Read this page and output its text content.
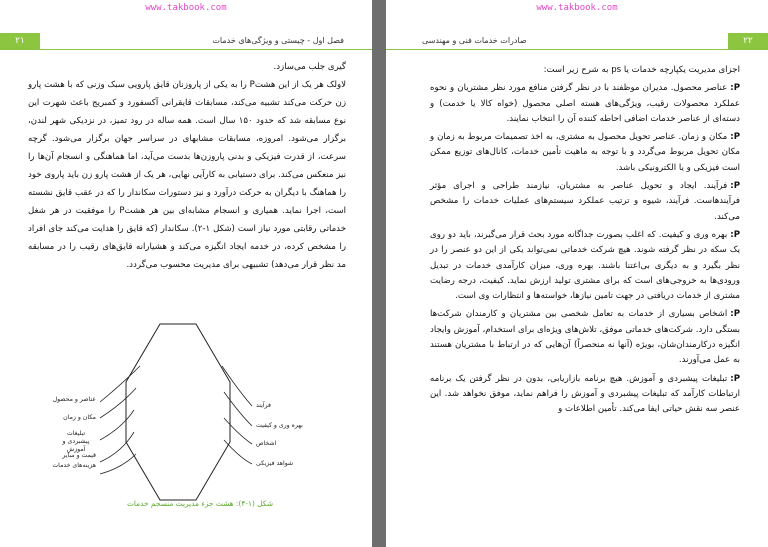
www.takbook.com
۲۱	فصل اول - چیستی و ویژگی‌های خدمات

گیری جلب می‌سازد.

لاولک هر یک از این هشت‌P را به یکی از پاروزنان قایق پارویی سبک وزنی که با هشت پارو زن حرکت می‌کند تشبیه می‌کند، مسابقات قایقرانی آکسفورد و کمبریج باعث شهرت این نوع مسابقه شد که حدود ۱۵۰ سال است. همه ساله در رود تمیز، در نزدیکی شهر لندن، برگزار می‌شود. امروزه، مسابقات مشابهای در سراسر جهان برگزار می‌شود. گرچه سرعت، از قدرت فیزیکی و بدنی پاروزن‌ها بدست می‌آید، اما هماهنگی و انسجام آن‌ها را نیز منعکس می‌کند. برای دستیابی به کارآیی نهایی، هر یک از هشت پارو زن باید پاروی خود را هماهنگ با دیگران به حرکت درآورد و نیز دستورات سکاندار را که در عقب قایق نشسته است، اجرا نماید. همیاری و انسجام مشابه‌ای بین هر هشت‌P را موفقیت در هر شغل خدماتی رقابتی مورد نیاز است (شکل ۱-۲). سکاندار (که قایق را هدایت می‌کند جای افراد را مشخص کرده، در خدمه ایجاد انگیزه می‌کند و هشیارانه قایق‌های رقیب را در مسابقه مد نظر قرار می‌دهد) تشبیهی برای مدیریت محسوب می‌گردد.

عناصر و محصول
مکان و زمان
تبلیغات پیشبردی و آموزش
قیمت و سایر
هزینه‌های خدمات
فرآیند
بهره وری و کیفیت
اشخاص
شواهد فیزیکی
شکل (۱-۴): هشت جزء مدیریت منسجم خدمات
www.takbook.com
۲۲
صادرات خدمات فنی و مهندسی

اجزای مدیریت یکپارچه خدمات یا ps به شرح زیر است:

P:عناصر محصول. مدیران موظفند با در نظر گرفتن منافع مورد نظر مشتریان و نحوه عملکرد محصولات رقیب، ویژگی‌های هسته اصلی محصول (خواه کالا یا خدمت) و دسته‌ای از عناصر خدمات اضافی احاطه کننده آن را انتخاب نمایند.

P:مکان و زمان. عناصر تحویل محصول به مشتری، به اخذ تصمیمات مربوط به زمان و مکان تحویل مربوط می‌گردد و با توجه به ماهیت تأمین خدمات، کانال‌های توزیع ممکن است فیزیکی و یا الکترونیکی باشد.

P:فرآیند. ایجاد و تحویل عناصر به مشتریان، نیازمند طراحی و اجرای مؤثر فرآیندهاست. فرآیند، شیوه و ترتیب عملکرد سیستم‌های عملیات خدمات را مشخص می‌کند.

P:بهره وری و کیفیت. که اغلب بصورت جداگانه مورد بحث قرار می‌گیرند، باید دو روی یک سکه در نظر گرفته شوند. هیچ شرکت خدماتی نمی‌تواند یکی از این دو عنصر را در نظر بگیرد و به دیگری بی‌اعتنا باشند. بهره وری، میزان کارآمدی خدمات در تبدیل ورودی‌ها به خروجی‌های است که برای مشتری تولید ارزش نماید. کیفیت، درجه رضایت مشتری از خدمات دریافتی در جهت تامین نیازها، خواسته‌ها و انتظارات وی است.

P:اشخاص بسیاری از خدمات به تعامل شخصی بین مشتریان و کارمندان شرکت‌ها بستگی دارد. شرکت‌های خدماتی موفق، تلاش‌های ویژه‌ای برای استخدام، آموزش وایجاد انگیزه درکارمندان‌شان، بویژه (آنها نه منحصراً) آن‌هایی که در ارتباط با مشتریان هستند به عمل می‌آورند.

P:تبلیغات پیشبردی و آموزش. هیچ برنامه بازاریابی، بدون در نظر گرفتن یک برنامه ارتباطات کارآمد که تبلیغات پیشبردی و آموزش را فراهم نماید، موفق نخواهد شد. این عنصر سه نقش حیاتی ایفا می‌کند. تأمین اطلاعات و
